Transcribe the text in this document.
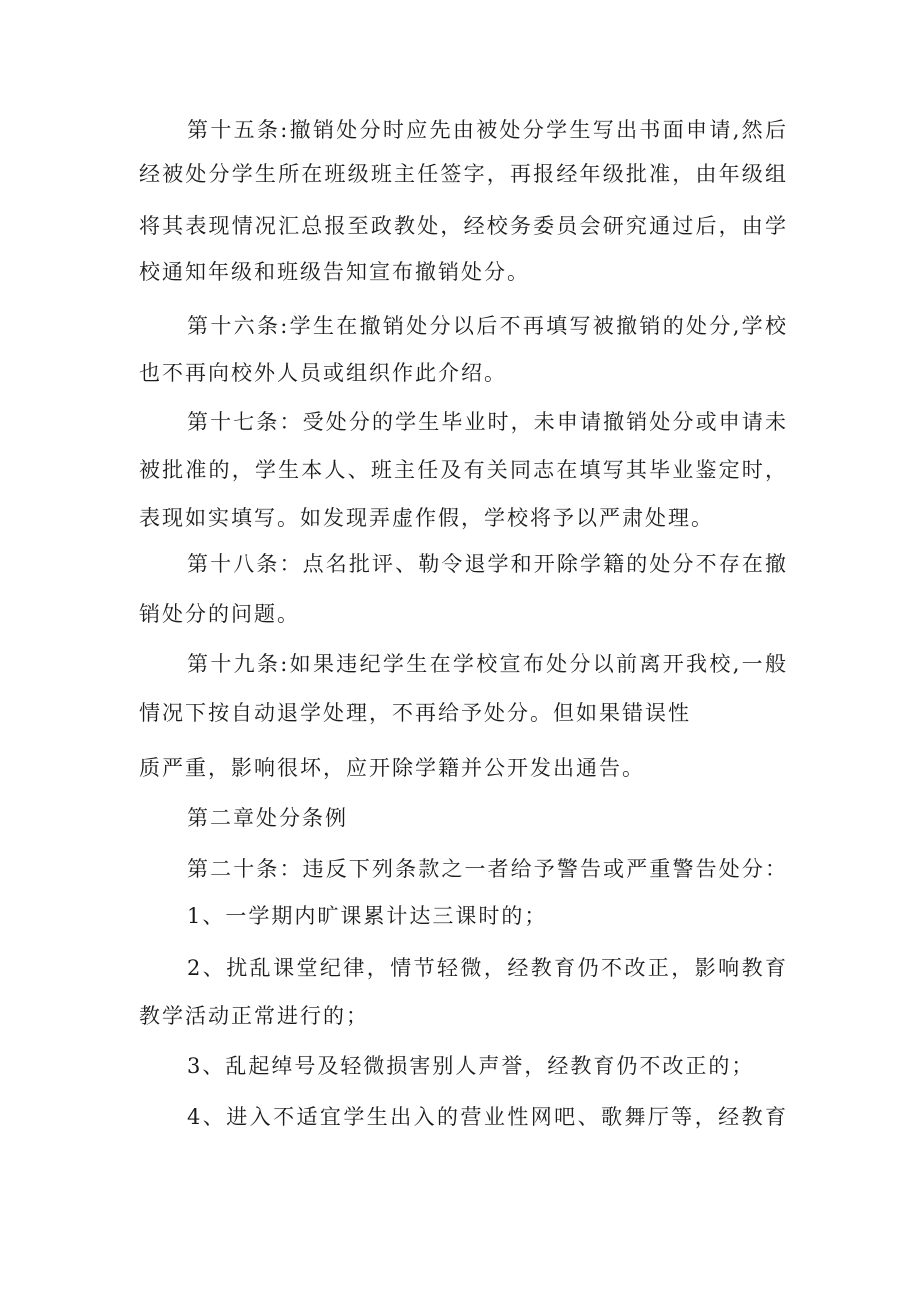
第十五条:撤销处分时应先由被处分学生写出书面申请,然后
经被处分学生所在班级班主任签字，再报经年级批准，由年级组
将其表现情况汇总报至政教处，经校务委员会研究通过后，由学
校通知年级和班级告知宣布撤销处分。
第十六条:学生在撤销处分以后不再填写被撤销的处分,学校
也不再向校外人员或组织作此介绍。
第十七条：受处分的学生毕业时，未申请撤销处分或申请未
被批准的，学生本人、班主任及有关同志在填写其毕业鉴定时，
表现如实填写。如发现弄虚作假，学校将予以严肃处理。
第十八条：点名批评、勒令退学和开除学籍的处分不存在撤
销处分的问题。
第十九条:如果违纪学生在学校宣布处分以前离开我校,一般
情况下按自动退学处理，不再给予处分。但如果错误性
质严重，影响很坏，应开除学籍并公开发出通告。
第二章处分条例
第二十条：违反下列条款之一者给予警告或严重警告处分：
1、一学期内旷课累计达三课时的；
2、扰乱课堂纪律，情节轻微，经教育仍不改正，影响教育
教学活动正常进行的；
3、乱起绰号及轻微损害别人声誉，经教育仍不改正的；
4、进入不适宜学生出入的营业性网吧、歌舞厅等，经教育
